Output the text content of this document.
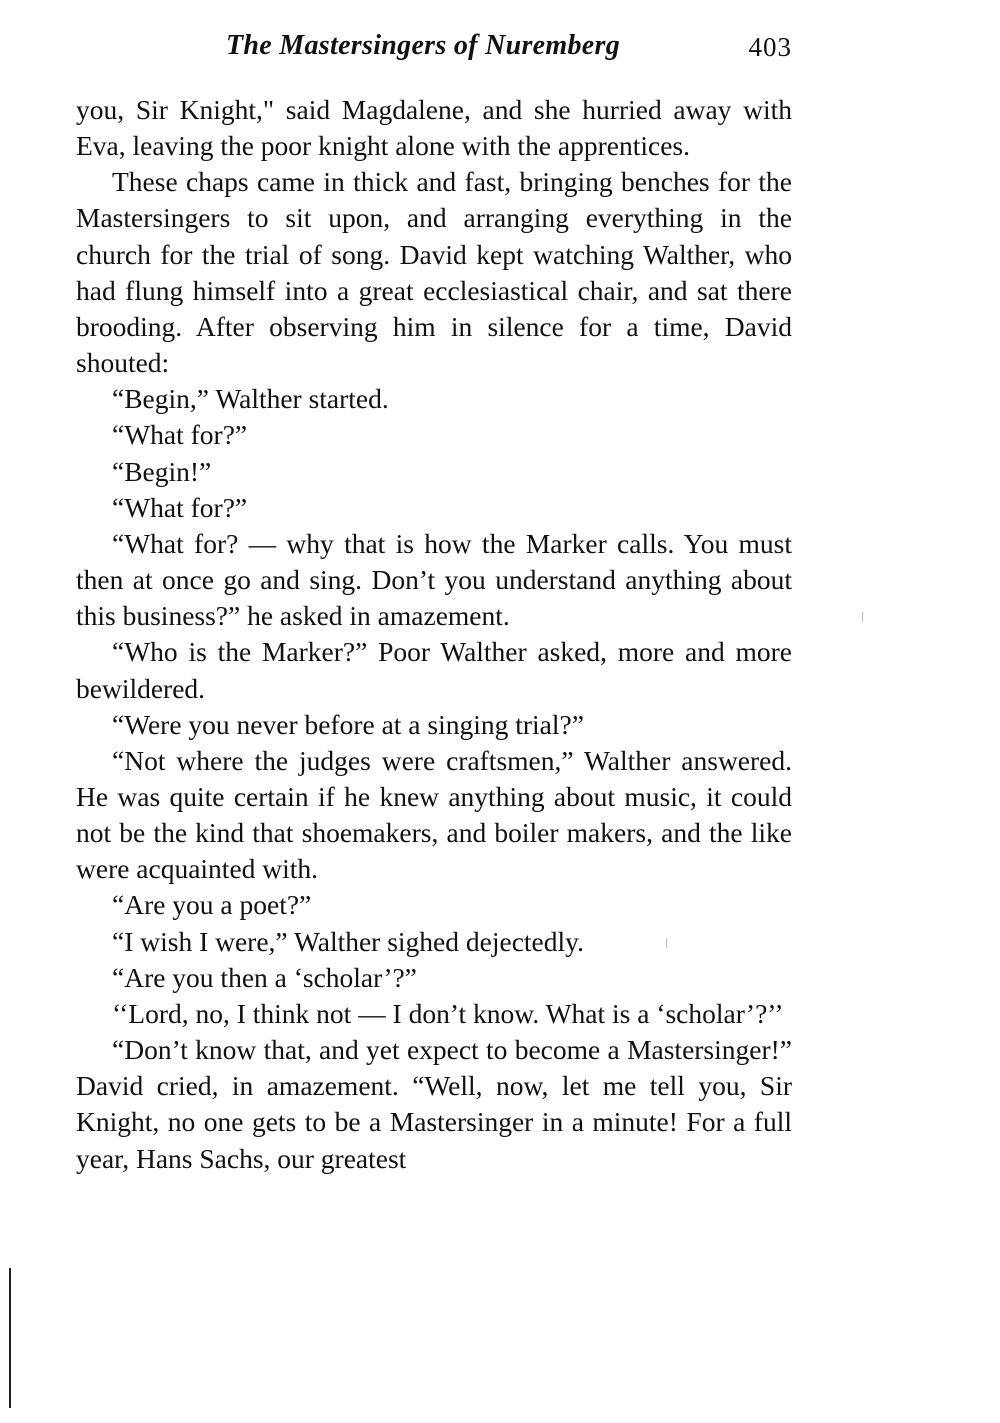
The Mastersingers of Nuremberg	403

you, Sir Knight," said Magdalene, and she hurried away with Eva, leaving the poor knight alone with the apprentices.

These chaps came in thick and fast, bringing benches for the Mastersingers to sit upon, and arranging everything in the church for the trial of song. David kept watching Walther, who had flung himself into a great ecclesiastical chair, and sat there brooding. After observing him in silence for a time, David shouted:

“Begin,” Walther started.

“What for?”

“Begin!”

“What for?”

“What for? — why that is how the Marker calls. You must then at once go and sing. Don’t you understand anything about this business?” he asked in amazement.

“Who is the Marker?” Poor Walther asked, more and more bewildered.

“Were you never before at a singing trial?”

“Not where the judges were craftsmen,” Walther answered. He was quite certain if he knew anything about music, it could not be the kind that shoemakers, and boiler makers, and the like were acquainted with.

“Are you a poet?”

“I wish I were,” Walther sighed dejectedly.

“Are you then a ‘scholar’?”

‘‘Lord, no, I think not — I don’t know. What is a ‘scholar’?’’

“Don’t know that, and yet expect to become a Mastersinger!” David cried, in amazement. “Well, now, let me tell you, Sir Knight, no one gets to be a Mastersinger in a minute! For a full year, Hans Sachs, our greatest
